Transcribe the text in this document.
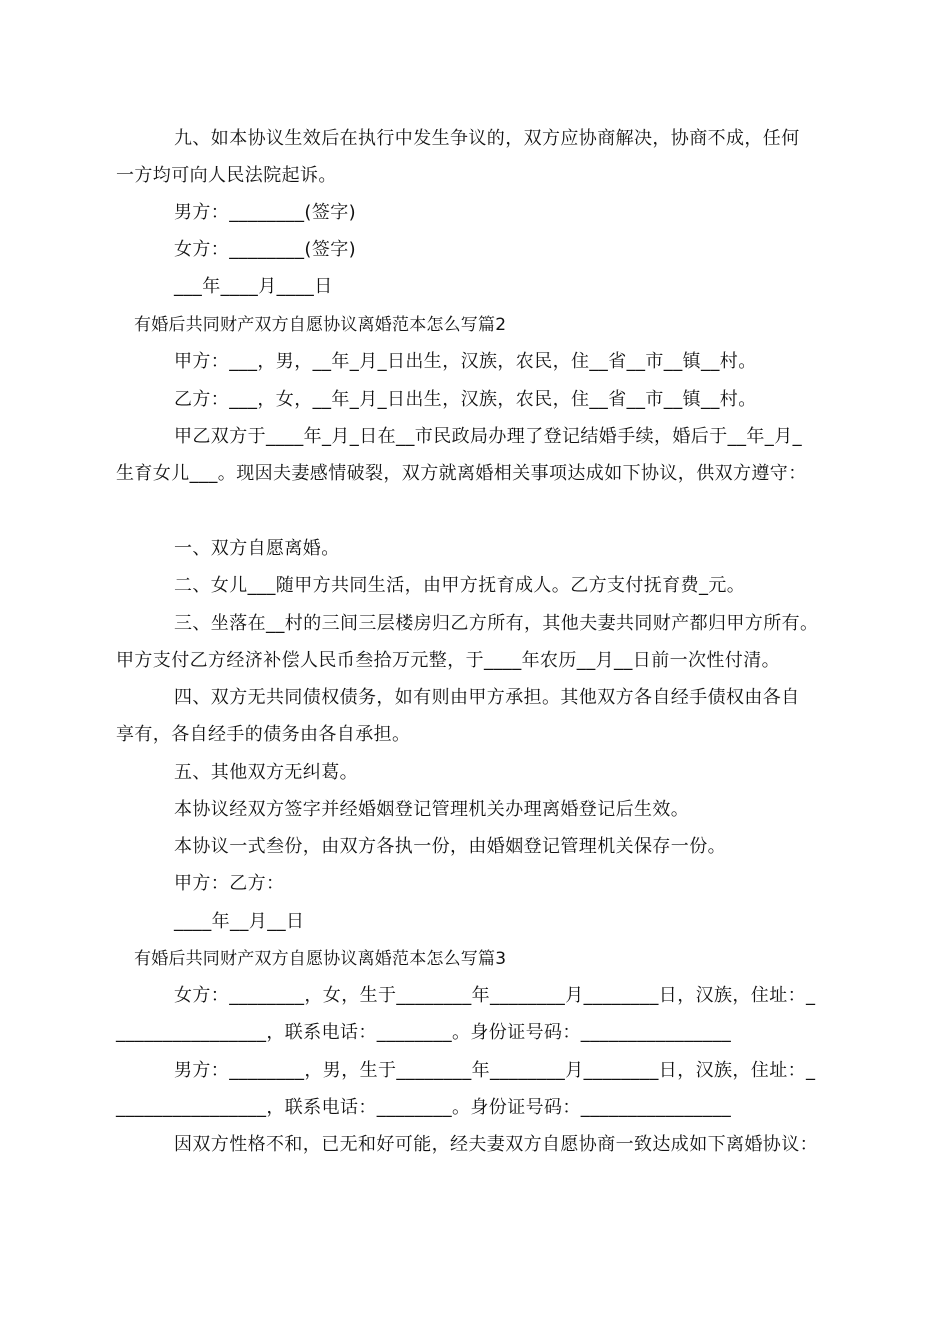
九、如本协议生效后在执行中发生争议的，双方应协商解决，协商不成，任何
一方均可向人民法院起诉。
男方：________(签字)
女方：________(签字)
___年____月____日
有婚后共同财产双方自愿协议离婚范本怎么写篇2
甲方：___，男，__年_月_日出生，汉族，农民，住__省__市__镇__村。
乙方：___，女，__年_月_日出生，汉族，农民，住__省__市__镇__村。
甲乙双方于____年_月_日在__市民政局办理了登记结婚手续，婚后于__年_月_
生育女儿___。现因夫妻感情破裂，双方就离婚相关事项达成如下协议，供双方遵守：
一、双方自愿离婚。
二、女儿___随甲方共同生活，由甲方抚育成人。乙方支付抚育费_元。
三、坐落在__村的三间三层楼房归乙方所有，其他夫妻共同财产都归甲方所有。
甲方支付乙方经济补偿人民币叁拾万元整，于____年农历__月__日前一次性付清。
四、双方无共同债权债务，如有则由甲方承担。其他双方各自经手债权由各自
享有，各自经手的债务由各自承担。
五、其他双方无纠葛。
本协议经双方签字并经婚姻登记管理机关办理离婚登记后生效。
本协议一式叁份，由双方各执一份，由婚姻登记管理机关保存一份。
甲方：乙方：
____年__月__日
有婚后共同财产双方自愿协议离婚范本怎么写篇3
女方：________，女，生于________年________月________日，汉族，住址：_
________________，联系电话：________。身份证号码：________________
男方：________，男，生于________年________月________日，汉族，住址：_
________________，联系电话：________。身份证号码：________________
因双方性格不和，已无和好可能，经夫妻双方自愿协商一致达成如下离婚协议：
